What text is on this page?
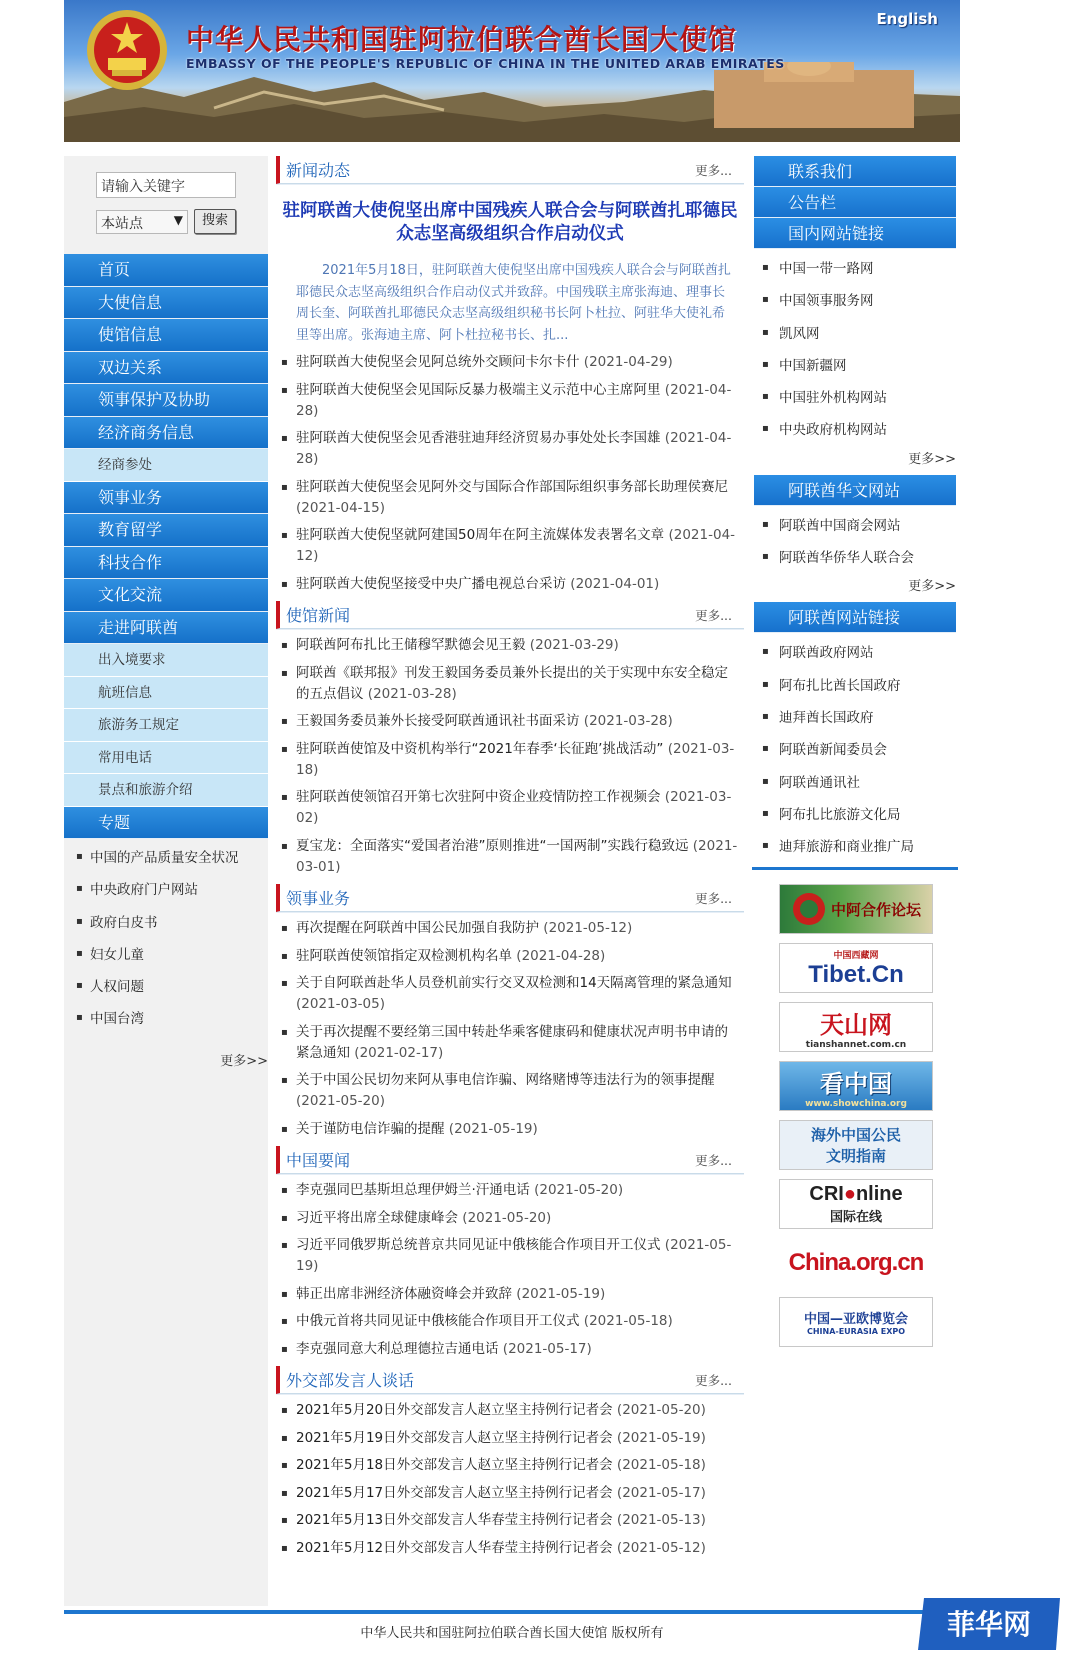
中华人民共和国驻阿拉伯联合酋长国大使馆
EMBASSY OF THE PEOPLE'S REPUBLIC OF CHINA IN THE UNITED ARAB EMIRATES
English
请输入关键字
本站点	▼	搜索
首页
大使信息
使馆信息
双边关系
领事保护及协助
经济商务信息
经商参处
领事业务
教育留学
科技合作
文化交流
走进阿联酋
出入境要求
航班信息
旅游务工规定
常用电话
景点和旅游介绍
专题
▪ 中国的产品质量安全状况
▪ 中央政府门户网站
▪ 政府白皮书
▪ 妇女儿童
▪ 人权问题
▪ 中国台湾
更多>>
新闻动态	更多...
驻阿联酋大使倪坚出席中国残疾人联合会与阿联酋扎耶德民众志坚高级组织合作启动仪式
2021年5月18日，驻阿联酋大使倪坚出席中国残疾人联合会与阿联酋扎耶德民众志坚高级组织合作启动仪式并致辞。中国残联主席张海迪、理事长周长奎、阿联酋扎耶德民众志坚高级组织秘书长阿卜杜拉、阿驻华大使礼希里等出席。张海迪主席、阿卜杜拉秘书长、扎...
▪ 驻阿联酋大使倪坚会见阿总统外交顾问卡尔卡什 (2021-04-29)
▪ 驻阿联酋大使倪坚会见国际反暴力极端主义示范中心主席阿里 (2021-04-28)
▪ 驻阿联酋大使倪坚会见香港驻迪拜经济贸易办事处处长李国雄 (2021-04-28)
▪ 驻阿联酋大使倪坚会见阿外交与国际合作部国际组织事务部长助理侯赛尼 (2021-04-15)
▪ 驻阿联酋大使倪坚就阿建国50周年在阿主流媒体发表署名文章 (2021-04-12)
▪ 驻阿联酋大使倪坚接受中央广播电视总台采访 (2021-04-01)
使馆新闻	更多...
▪ 阿联酋阿布扎比王储穆罕默德会见王毅 (2021-03-29)
▪ 阿联酋《联邦报》刊发王毅国务委员兼外长提出的关于实现中东安全稳定的五点倡议 (2021-03-28)
▪ 王毅国务委员兼外长接受阿联酋通讯社书面采访 (2021-03-28)
▪ 驻阿联酋使馆及中资机构举行“2021年春季‘长征跑’挑战活动” (2021-03-18)
▪ 驻阿联酋使领馆召开第七次驻阿中资企业疫情防控工作视频会 (2021-03-02)
▪ 夏宝龙：全面落实“爱国者治港”原则推进“一国两制”实践行稳致远 (2021-03-01)
领事业务	更多...
▪ 再次提醒在阿联酋中国公民加强自我防护 (2021-05-12)
▪ 驻阿联酋使领馆指定双检测机构名单 (2021-04-28)
▪ 关于自阿联酋赴华人员登机前实行交叉双检测和14天隔离管理的紧急通知 (2021-03-05)
▪ 关于再次提醒不要经第三国中转赴华乘客健康码和健康状况声明书申请的紧急通知 (2021-02-17)
▪ 关于中国公民切勿来阿从事电信诈骗、网络赌博等违法行为的领事提醒 (2021-05-20)
▪ 关于谨防电信诈骗的提醒 (2021-05-19)
中国要闻	更多...
▪ 李克强同巴基斯坦总理伊姆兰·汗通电话 (2021-05-20)
▪ 习近平将出席全球健康峰会 (2021-05-20)
▪ 习近平同俄罗斯总统普京共同见证中俄核能合作项目开工仪式 (2021-05-19)
▪ 韩正出席非洲经济体融资峰会并致辞 (2021-05-19)
▪ 中俄元首将共同见证中俄核能合作项目开工仪式 (2021-05-18)
▪ 李克强同意大利总理德拉吉通电话 (2021-05-17)
外交部发言人谈话	更多...
▪ 2021年5月20日外交部发言人赵立坚主持例行记者会 (2021-05-20)
▪ 2021年5月19日外交部发言人赵立坚主持例行记者会 (2021-05-19)
▪ 2021年5月18日外交部发言人赵立坚主持例行记者会 (2021-05-18)
▪ 2021年5月17日外交部发言人赵立坚主持例行记者会 (2021-05-17)
▪ 2021年5月13日外交部发言人华春莹主持例行记者会 (2021-05-13)
▪ 2021年5月12日外交部发言人华春莹主持例行记者会 (2021-05-12)
联系我们
公告栏
国内网站链接
▪ 中国一带一路网
▪ 中国领事服务网
▪ 凯风网
▪ 中国新疆网
▪ 中国驻外机构网站
▪ 中央政府机构网站
更多>>
阿联酋华文网站
▪ 阿联酋中国商会网站
▪ 阿联酋华侨华人联合会
更多>>
阿联酋网站链接
▪ 阿联酋政府网站
▪ 阿布扎比酋长国政府
▪ 迪拜酋长国政府
▪ 阿联酋新闻委员会
▪ 阿联酋通讯社
▪ 阿布扎比旅游文化局
▪ 迪拜旅游和商业推广局
中阿合作论坛
中国西藏网
Tibet.Cn
天山网
tianshannet.com.cn
看中国
www.showchina.org
海外中国公民
文明指南
CRI●nline
国际在线
China.org.cn
中国—亚欧博览会
CHINA-EURASIA EXPO
中华人民共和国驻阿拉伯联合酋长国大使馆 版权所有	菲华网
